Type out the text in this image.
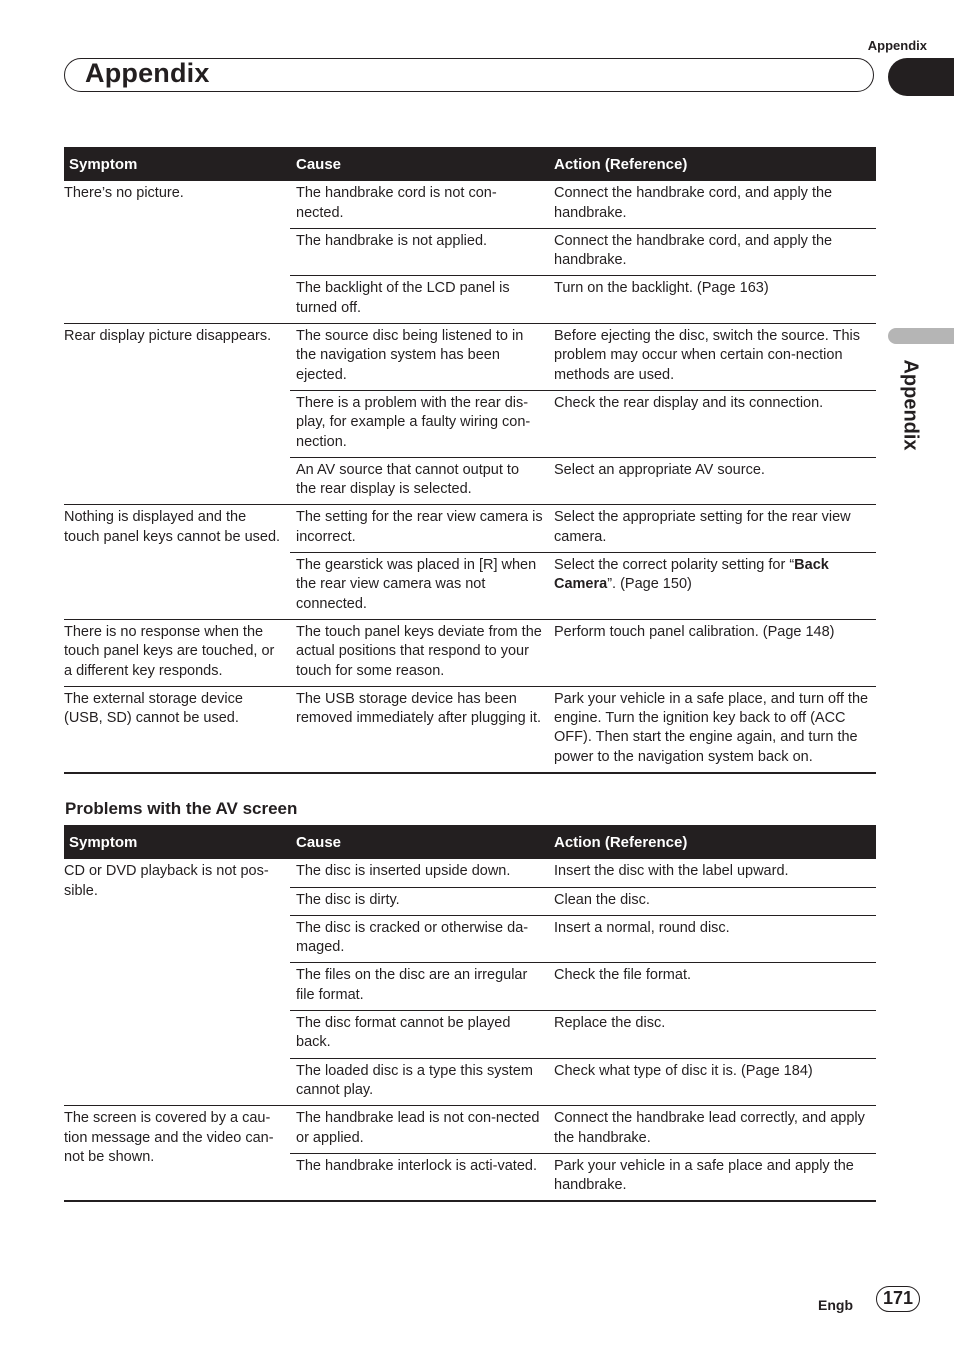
Appendix
Appendix
Appendix
Symptom	Cause	Action (Reference)
There’s no picture.	The handbrake cord is not con-nected.	Connect the handbrake cord, and apply the handbrake.
	The handbrake is not applied.	Connect the handbrake cord, and apply the handbrake.
	The backlight of the LCD panel is turned off.	Turn on the backlight. (Page 163)
Rear display picture disappears.	The source disc being listened to in the navigation system has been ejected.	Before ejecting the disc, switch the source. This problem may occur when certain con-nection methods are used.
	There is a problem with the rear dis-play, for example a faulty wiring con-nection.	Check the rear display and its connection.
	An AV source that cannot output to the rear display is selected.	Select an appropriate AV source.
Nothing is displayed and the touch panel keys cannot be used.	The setting for the rear view camera is incorrect.	Select the appropriate setting for the rear view camera.
	The gearstick was placed in [R] when the rear view camera was not connected.	Select the correct polarity setting for “Back Camera”. (Page 150)
There is no response when the touch panel keys are touched, or a different key responds.	The touch panel keys deviate from the actual positions that respond to your touch for some reason.	Perform touch panel calibration. (Page 148)
The external storage device (USB, SD) cannot be used.	The USB storage device has been removed immediately after plugging it.	Park your vehicle in a safe place, and turn off the engine. Turn the ignition key back to off (ACC OFF). Then start the engine again, and turn the power to the navigation system back on.
Problems with the AV screen
Symptom	Cause	Action (Reference)
CD or DVD playback is not pos-sible.	The disc is inserted upside down.	Insert the disc with the label upward.
	The disc is dirty.	Clean the disc.
	The disc is cracked or otherwise da-maged.	Insert a normal, round disc.
	The files on the disc are an irregular file format.	Check the file format.
	The disc format cannot be played back.	Replace the disc.
	The loaded disc is a type this system cannot play.	Check what type of disc it is. (Page 184)
The screen is covered by a cau-tion message and the video can-not be shown.	The handbrake lead is not con-nected or applied.	Connect the handbrake lead correctly, and apply the handbrake.
	The handbrake interlock is acti-vated.	Park your vehicle in a safe place and apply the handbrake.
Engb	171
